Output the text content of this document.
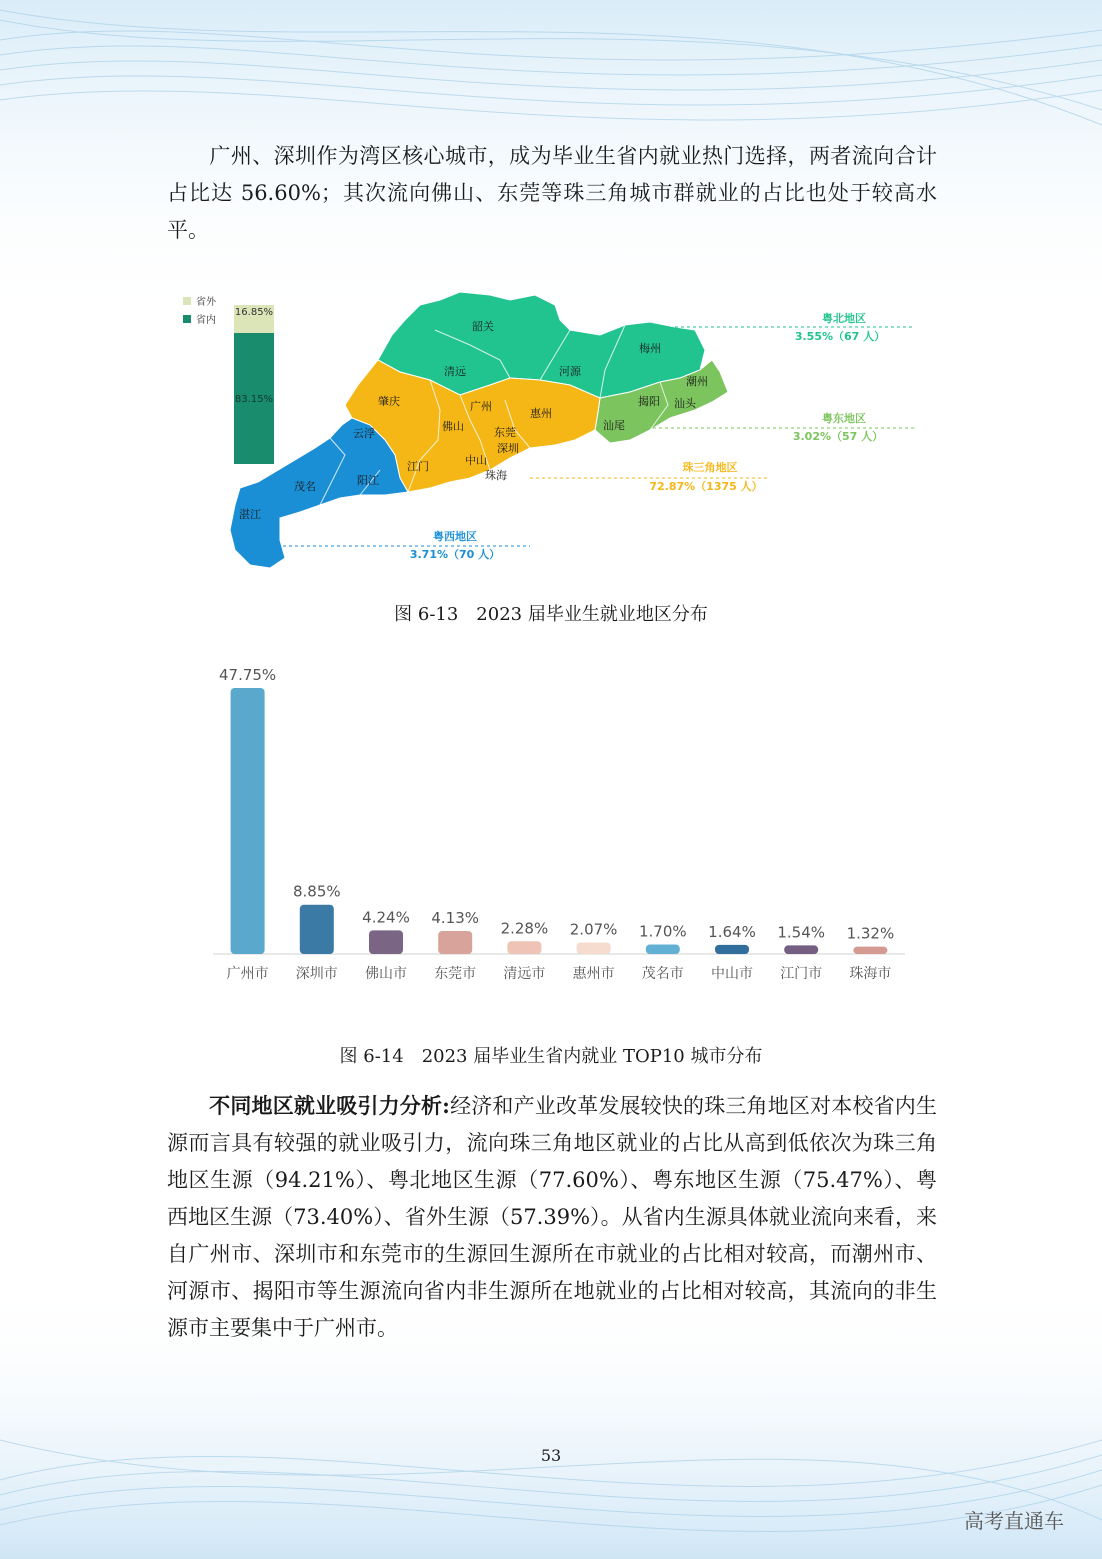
广州、深圳作为湾区核心城市，成为毕业生省内就业热门选择，两者流向合计占比达 56.60%；其次流向佛山、东莞等珠三角城市群就业的占比也处于较高水平。

省外
省内
16.85%
83.15%
韶关
清远	河源
梅州
潮州
揭阳 汕头
汕尾
肇庆	广州
惠州
佛山	东莞
深圳
云浮
江门	中山
珠海
茂名	阳江
湛江
粤北地区
3.55%（67 人）
粤东地区
3.02%（57 人）
珠三角地区
72.87%（1375 人）
粤西地区
3.71%（70 人）
图 6-13　2023 届毕业生就业地区分布
47.75%
广州市
8.85%
深圳市
4.24%
佛山市
4.13%
东莞市
2.28%
清远市
2.07%
惠州市
1.70%
茂名市
1.64%
中山市
1.54%
江门市
1.32%
珠海市
图 6-14　2023 届毕业生省内就业 TOP10 城市分布

不同地区就业吸引力分析:经济和产业改革发展较快的珠三角地区对本校省内生源而言具有较强的就业吸引力，流向珠三角地区就业的占比从高到低依次为珠三角地区生源（94.21%）、粤北地区生源（77.60%）、粤东地区生源（75.47%）、粤西地区生源（73.40%）、省外生源（57.39%）。从省内生源具体就业流向来看，来自广州市、深圳市和东莞市的生源回生源所在市就业的占比相对较高，而潮州市、河源市、揭阳市等生源流向省内非生源所在地就业的占比相对较高，其流向的非生源市主要集中于广州市。

53
高考直通车
